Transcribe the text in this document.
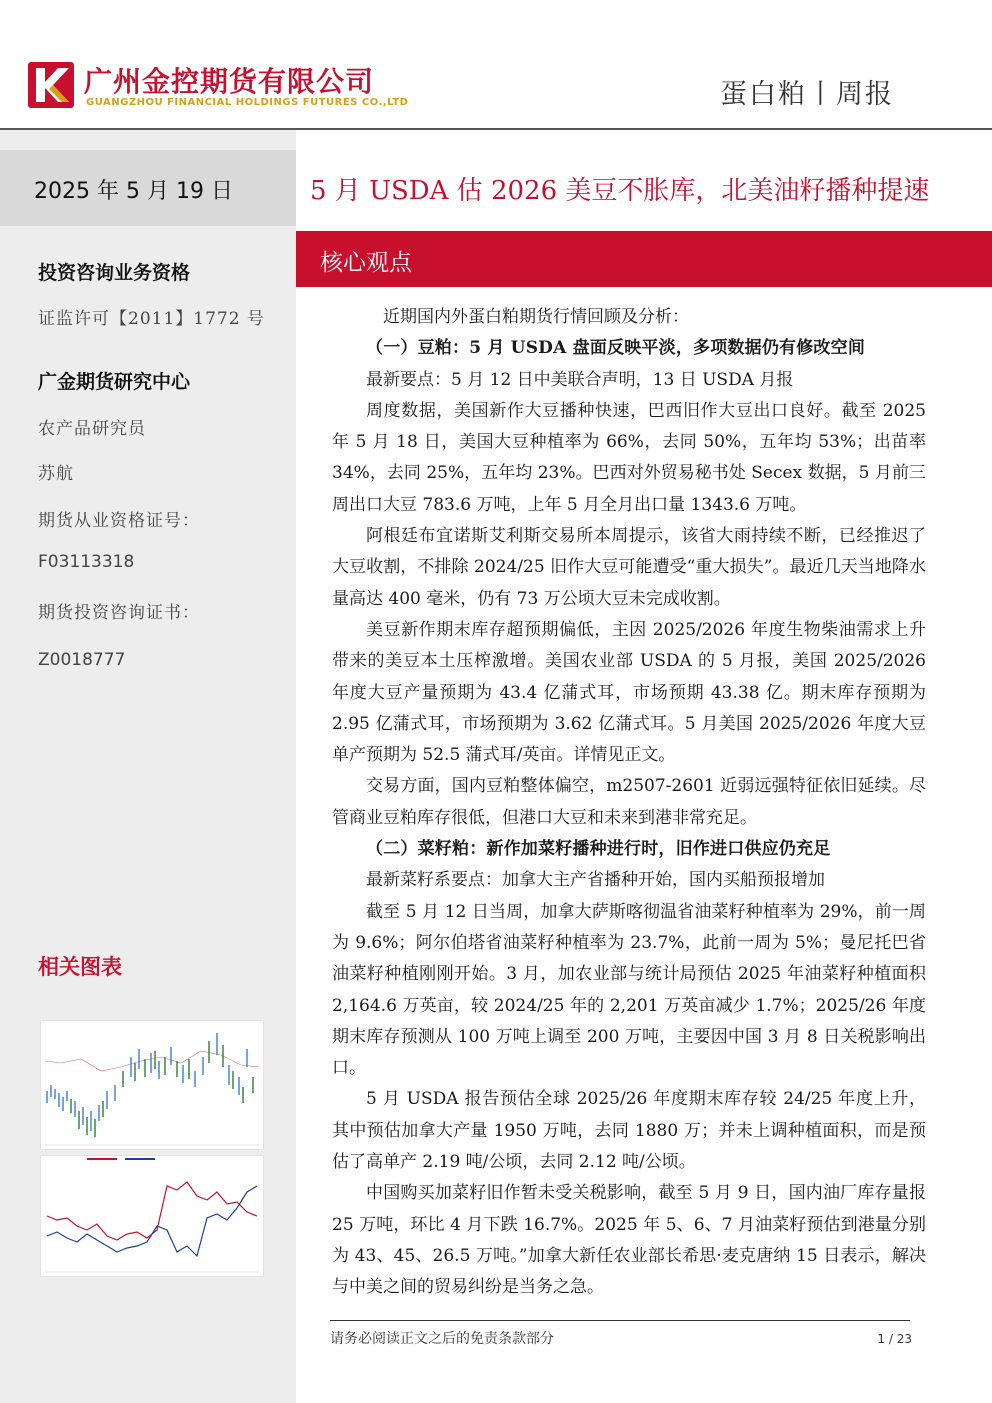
广州金控期货有限公司
GUANGZHOU FINANCIAL HOLDINGS FUTURES CO.,LTD	蛋白粕丨周报
2025 年 5 月 19 日
投资咨询业务资格
证监许可【2011】1772 号
广金期货研究中心
农产品研究员
苏航
期货从业资格证号：
F03113318
期货投资咨询证书：
Z0018777
相关图表
5 月 USDA 估 2026 美豆不胀库，北美油籽播种提速
核心观点

近期国内外蛋白粕期货行情回顾及分析：

（一）豆粕：5 月 USDA 盘面反映平淡，多项数据仍有修改空间

最新要点：5 月 12 日中美联合声明，13 日 USDA 月报

周度数据，美国新作大豆播种快速，巴西旧作大豆出口良好。截至 2025 年 5 月 18 日，美国大豆种植率为 66%，去同 50%，五年均 53%；出苗率 34%，去同 25%，五年均 23%。巴西对外贸易秘书处 Secex 数据，5 月前三周出口大豆 783.6 万吨，上年 5 月全月出口量 1343.6 万吨。

阿根廷布宜诺斯艾利斯交易所本周提示，该省大雨持续不断，已经推迟了大豆收割，不排除 2024/25 旧作大豆可能遭受“重大损失”。最近几天当地降水量高达 400 毫米，仍有 73 万公顷大豆未完成收割。

美豆新作期末库存超预期偏低，主因 2025/2026 年度生物柴油需求上升带来的美豆本土压榨激增。美国农业部 USDA 的 5 月报，美国 2025/2026 年度大豆产量预期为 43.4 亿蒲式耳，市场预期 43.38 亿。期末库存预期为 2.95 亿蒲式耳，市场预期为 3.62 亿蒲式耳。5 月美国 2025/2026 年度大豆单产预期为 52.5 蒲式耳/英亩。详情见正文。

交易方面，国内豆粕整体偏空，m2507-2601 近弱远强特征依旧延续。尽管商业豆粕库存很低，但港口大豆和未来到港非常充足。

（二）菜籽粕：新作加菜籽播种进行时，旧作进口供应仍充足

最新菜籽系要点：加拿大主产省播种开始，国内买船预报增加

截至 5 月 12 日当周，加拿大萨斯喀彻温省油菜籽种植率为 29%，前一周为 9.6%；阿尔伯塔省油菜籽种植率为 23.7%，此前一周为 5%；曼尼托巴省油菜籽种植刚刚开始。3 月，加农业部与统计局预估 2025 年油菜籽种植面积 2,164.6 万英亩，较 2024/25 年的 2,201 万英亩减少 1.7%；2025/26 年度期末库存预测从 100 万吨上调至 200 万吨，主要因中国 3 月 8 日关税影响出口。

5 月 USDA 报告预估全球 2025/26 年度期末库存较 24/25 年度上升，其中预估加拿大产量 1950 万吨，去同 1880 万；并未上调种植面积，而是预估了高单产 2.19 吨/公顷，去同 2.12 吨/公顷。

中国购买加菜籽旧作暂未受关税影响，截至 5 月 9 日，国内油厂库存量报 25 万吨，环比 4 月下跌 16.7%。2025 年 5、6、7 月油菜籽预估到港量分别为 43、45、26.5 万吨。”加拿大新任农业部长希思·麦克唐纳 15 日表示，解决与中美之间的贸易纠纷是当务之急。

请务必阅读正文之后的免责条款部分	1 / 23
